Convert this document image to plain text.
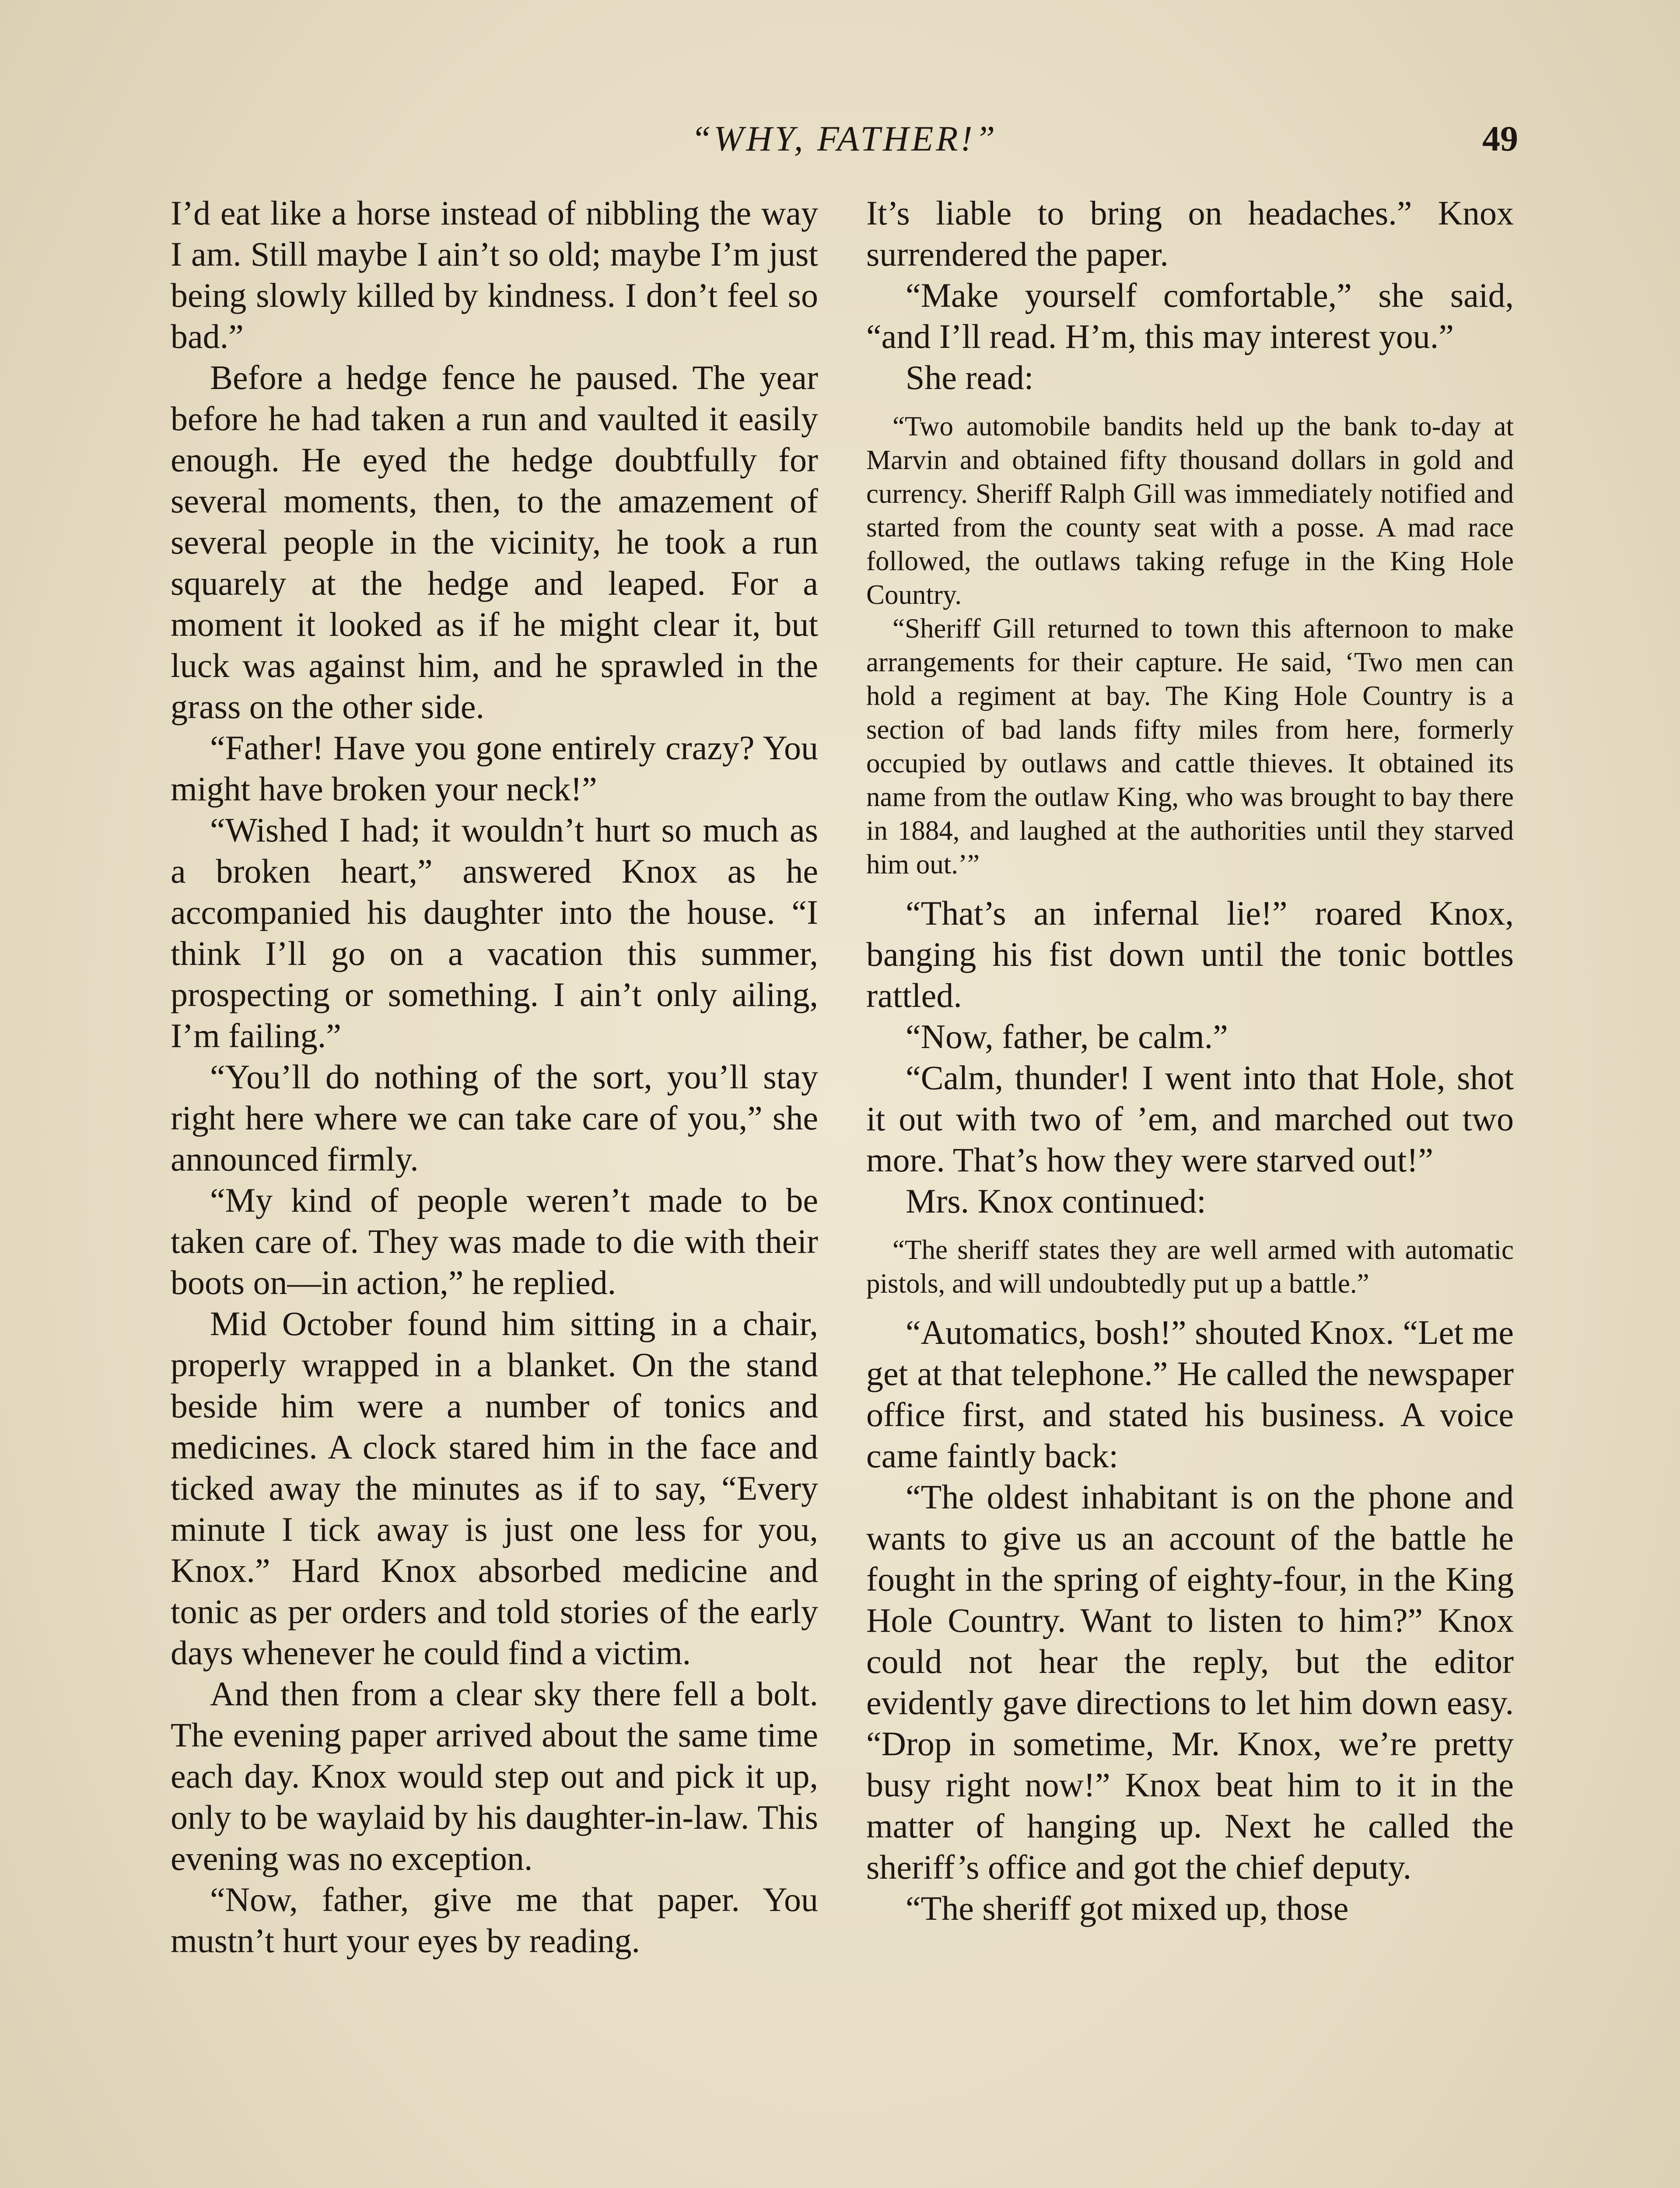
“WHY, FATHER!”	49

I’d eat like a horse instead of nibbling the way I am. Still maybe I ain’t so old; maybe I’m just being slowly killed by kindness. I don’t feel so bad.”

Before a hedge fence he paused. The year before he had taken a run and vaulted it easily enough. He eyed the hedge doubtfully for several moments, then, to the amazement of several people in the vicinity, he took a run squarely at the hedge and leaped. For a moment it looked as if he might clear it, but luck was against him, and he sprawled in the grass on the other side.

“Father! Have you gone entirely crazy? You might have broken your neck!”

“Wished I had; it wouldn’t hurt so much as a broken heart,” answered Knox as he accompanied his daughter into the house. “I think I’ll go on a vacation this summer, prospecting or something. I ain’t only ailing, I’m failing.”

“You’ll do nothing of the sort, you’ll stay right here where we can take care of you,” she announced firmly.

“My kind of people weren’t made to be taken care of. They was made to die with their boots on—in action,” he replied.

Mid October found him sitting in a chair, properly wrapped in a blanket. On the stand beside him were a number of tonics and medicines. A clock stared him in the face and ticked away the minutes as if to say, “Every minute I tick away is just one less for you, Knox.” Hard Knox absorbed medicine and tonic as per orders and told stories of the early days whenever he could find a victim.

And then from a clear sky there fell a bolt. The evening paper arrived about the same time each day. Knox would step out and pick it up, only to be waylaid by his daughter-in-law. This evening was no exception.

“Now, father, give me that paper. You mustn’t hurt your eyes by reading.

It’s liable to bring on headaches.” Knox surrendered the paper.

“Make yourself comfortable,” she said, “and I’ll read. H’m, this may interest you.”

She read:

“Two automobile bandits held up the bank to-day at Marvin and obtained fifty thousand dollars in gold and currency. Sheriff Ralph Gill was immediately notified and started from the county seat with a posse. A mad race followed, the outlaws taking refuge in the King Hole Country.

“Sheriff Gill returned to town this afternoon to make arrangements for their capture. He said, ‘Two men can hold a regiment at bay. The King Hole Country is a section of bad lands fifty miles from here, formerly occupied by outlaws and cattle thieves. It obtained its name from the outlaw King, who was brought to bay there in 1884, and laughed at the authorities until they starved him out.’”

“That’s an infernal lie!” roared Knox, banging his fist down until the tonic bottles rattled.

“Now, father, be calm.”

“Calm, thunder! I went into that Hole, shot it out with two of ’em, and marched out two more. That’s how they were starved out!”

Mrs. Knox continued:

“The sheriff states they are well armed with automatic pistols, and will undoubtedly put up a battle.”

“Automatics, bosh!” shouted Knox. “Let me get at that telephone.” He called the newspaper office first, and stated his business. A voice came faintly back:

“The oldest inhabitant is on the phone and wants to give us an account of the battle he fought in the spring of eighty-four, in the King Hole Country. Want to listen to him?” Knox could not hear the reply, but the editor evidently gave directions to let him down easy. “Drop in sometime, Mr. Knox, we’re pretty busy right now!” Knox beat him to it in the matter of hanging up. Next he called the sheriff’s office and got the chief deputy.

“The sheriff got mixed up, those
